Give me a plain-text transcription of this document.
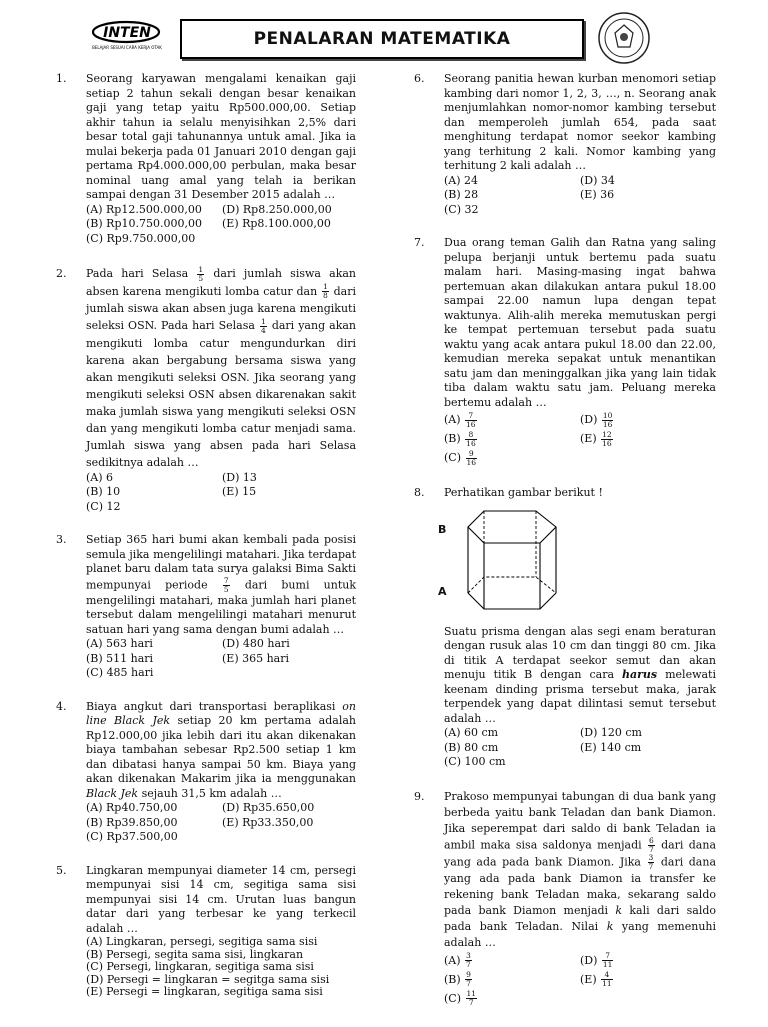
INTEN
BELAJAR SESUAI CARA KERJA OTAK	PENALARAN MATEMATIKA
1. Seorang karyawan mengalami kenaikan gaji setiap 2 tahun sekali dengan besar kenaikan gaji yang tetap yaitu Rp500.000,00. Setiap akhir tahun ia selalu menyisihkan 2,5% dari besar total gaji tahunannya untuk amal. Jika ia mulai bekerja pada 01 Januari 2010 dengan gaji pertama Rp4.000.000,00 perbulan, maka besar nominal uang amal yang telah ia berikan sampai dengan 31 Desember 2015 adalah …
(A) Rp12.500.000,00	(D) Rp8.250.000,00
(B) Rp10.750.000,00	(E) Rp8.100.000,00
(C) Rp9.750.000,00
2. Pada hari Selasa $\frac{1}{5}$ dari jumlah siswa akan absen karena mengikuti lomba catur dan $\frac{1}{8}$ dari jumlah siswa akan absen juga karena mengikuti seleksi OSN. Pada hari Selasa $\frac{1}{4}$ dari yang akan mengikuti lomba catur mengundurkan diri karena akan bergabung bersama siswa yang akan mengikuti seleksi OSN. Jika seorang yang mengikuti seleksi OSN absen dikarenakan sakit maka jumlah siswa yang mengikuti seleksi OSN dan yang mengikuti lomba catur menjadi sama. Jumlah siswa yang absen pada hari Selasa sedikitnya adalah …
(A) 6	(D) 13
(B) 10	(E) 15
(C) 12
3. Setiap 365 hari bumi akan kembali pada posisi semula jika mengelilingi matahari. Jika terdapat planet baru dalam tata surya galaksi Bima Sakti mempunyai periode $\frac{7}{5}$ dari bumi untuk mengelilingi matahari, maka jumlah hari planet tersebut dalam mengelilingi matahari menurut satuan hari yang sama dengan bumi adalah …
(A) 563 hari	(D) 480 hari
(B) 511 hari	(E) 365 hari
(C) 485 hari
4. Biaya angkut dari transportasi beraplikasi on line Black Jek setiap 20 km pertama adalah Rp12.000,00 jika lebih dari itu akan dikenakan biaya tambahan sebesar Rp2.500 setiap 1 km dan dibatasi hanya sampai 50 km. Biaya yang akan dikenakan Makarim jika ia menggunakan Black Jek sejauh 31,5 km adalah …
(A) Rp40.750,00	(D) Rp35.650,00
(B) Rp39.850,00	(E) Rp33.350,00
(C) Rp37.500,00
5. Lingkaran mempunyai diameter 14 cm, persegi mempunyai sisi 14 cm, segitiga sama sisi mempunyai sisi 14 cm. Urutan luas bangun datar dari yang terbesar ke yang terkecil adalah …
(A) Lingkaran, persegi, segitiga sama sisi
(B) Persegi, segita sama sisi, lingkaran
(C) Persegi, lingkaran, segitiga sama sisi
(D) Persegi = lingkaran = segitga sama sisi
(E) Persegi = lingkaran, segitiga sama sisi
6. Seorang panitia hewan kurban menomori setiap kambing dari nomor 1, 2, 3, …, n. Seorang anak menjumlahkan nomor-nomor kambing tersebut dan memperoleh jumlah 654, pada saat menghitung terdapat nomor seekor kambing yang terhitung 2 kali. Nomor kambing yang terhitung 2 kali adalah …
(A) 24	(D) 34
(B) 28	(E) 36
(C) 32
7. Dua orang teman Galih dan Ratna yang saling pelupa berjanji untuk bertemu pada suatu malam hari. Masing-masing ingat bahwa pertemuan akan dilakukan antara pukul 18.00 sampai 22.00 namun lupa dengan tepat waktunya. Alih-alih mereka memutuskan pergi ke tempat pertemuan tersebut pada suatu waktu yang acak antara pukul 18.00 dan 22.00, kemudian mereka sepakat untuk menantikan satu jam dan meninggalkan jika yang lain tidak tiba dalam waktu satu jam. Peluang mereka bertemu adalah …
$(A) \frac{7}{16}$	$(D) \frac{10}{16}$
$(B) \frac{8}{16}$	$(E) \frac{12}{16}$
$(C) \frac{9}{16}$
8. Perhatikan gambar berikut !
B
A
Suatu prisma dengan alas segi enam beraturan dengan rusuk alas 10 cm dan tinggi 80 cm. Jika di titik A terdapat seekor semut dan akan menuju titik B dengan cara harus melewati keenam dinding prisma tersebut maka, jarak terpendek yang dapat dilintasi semut tersebut adalah …
(A) 60 cm	(D) 120 cm
(B) 80 cm	(E) 140 cm
(C) 100 cm
9. Prakoso mempunyai tabungan di dua bank yang berbeda yaitu bank Teladan dan bank Diamon. Jika seperempat dari saldo di bank Teladan ia ambil maka sisa saldonya menjadi $\frac{6}{7}$ dari dana yang ada pada bank Diamon. Jika $\frac{3}{7}$ dari dana yang ada pada bank Diamon ia transfer ke rekening bank Teladan maka, sekarang saldo pada bank Diamon menjadi k kali dari saldo pada bank Teladan. Nilai k yang memenuhi adalah …
$(A) \frac{3}{7}$	$(D) \frac{7}{11}$
$(B) \frac{9}{7}$	$(E) \frac{4}{11}$
$(C) \frac{11}{7}$
